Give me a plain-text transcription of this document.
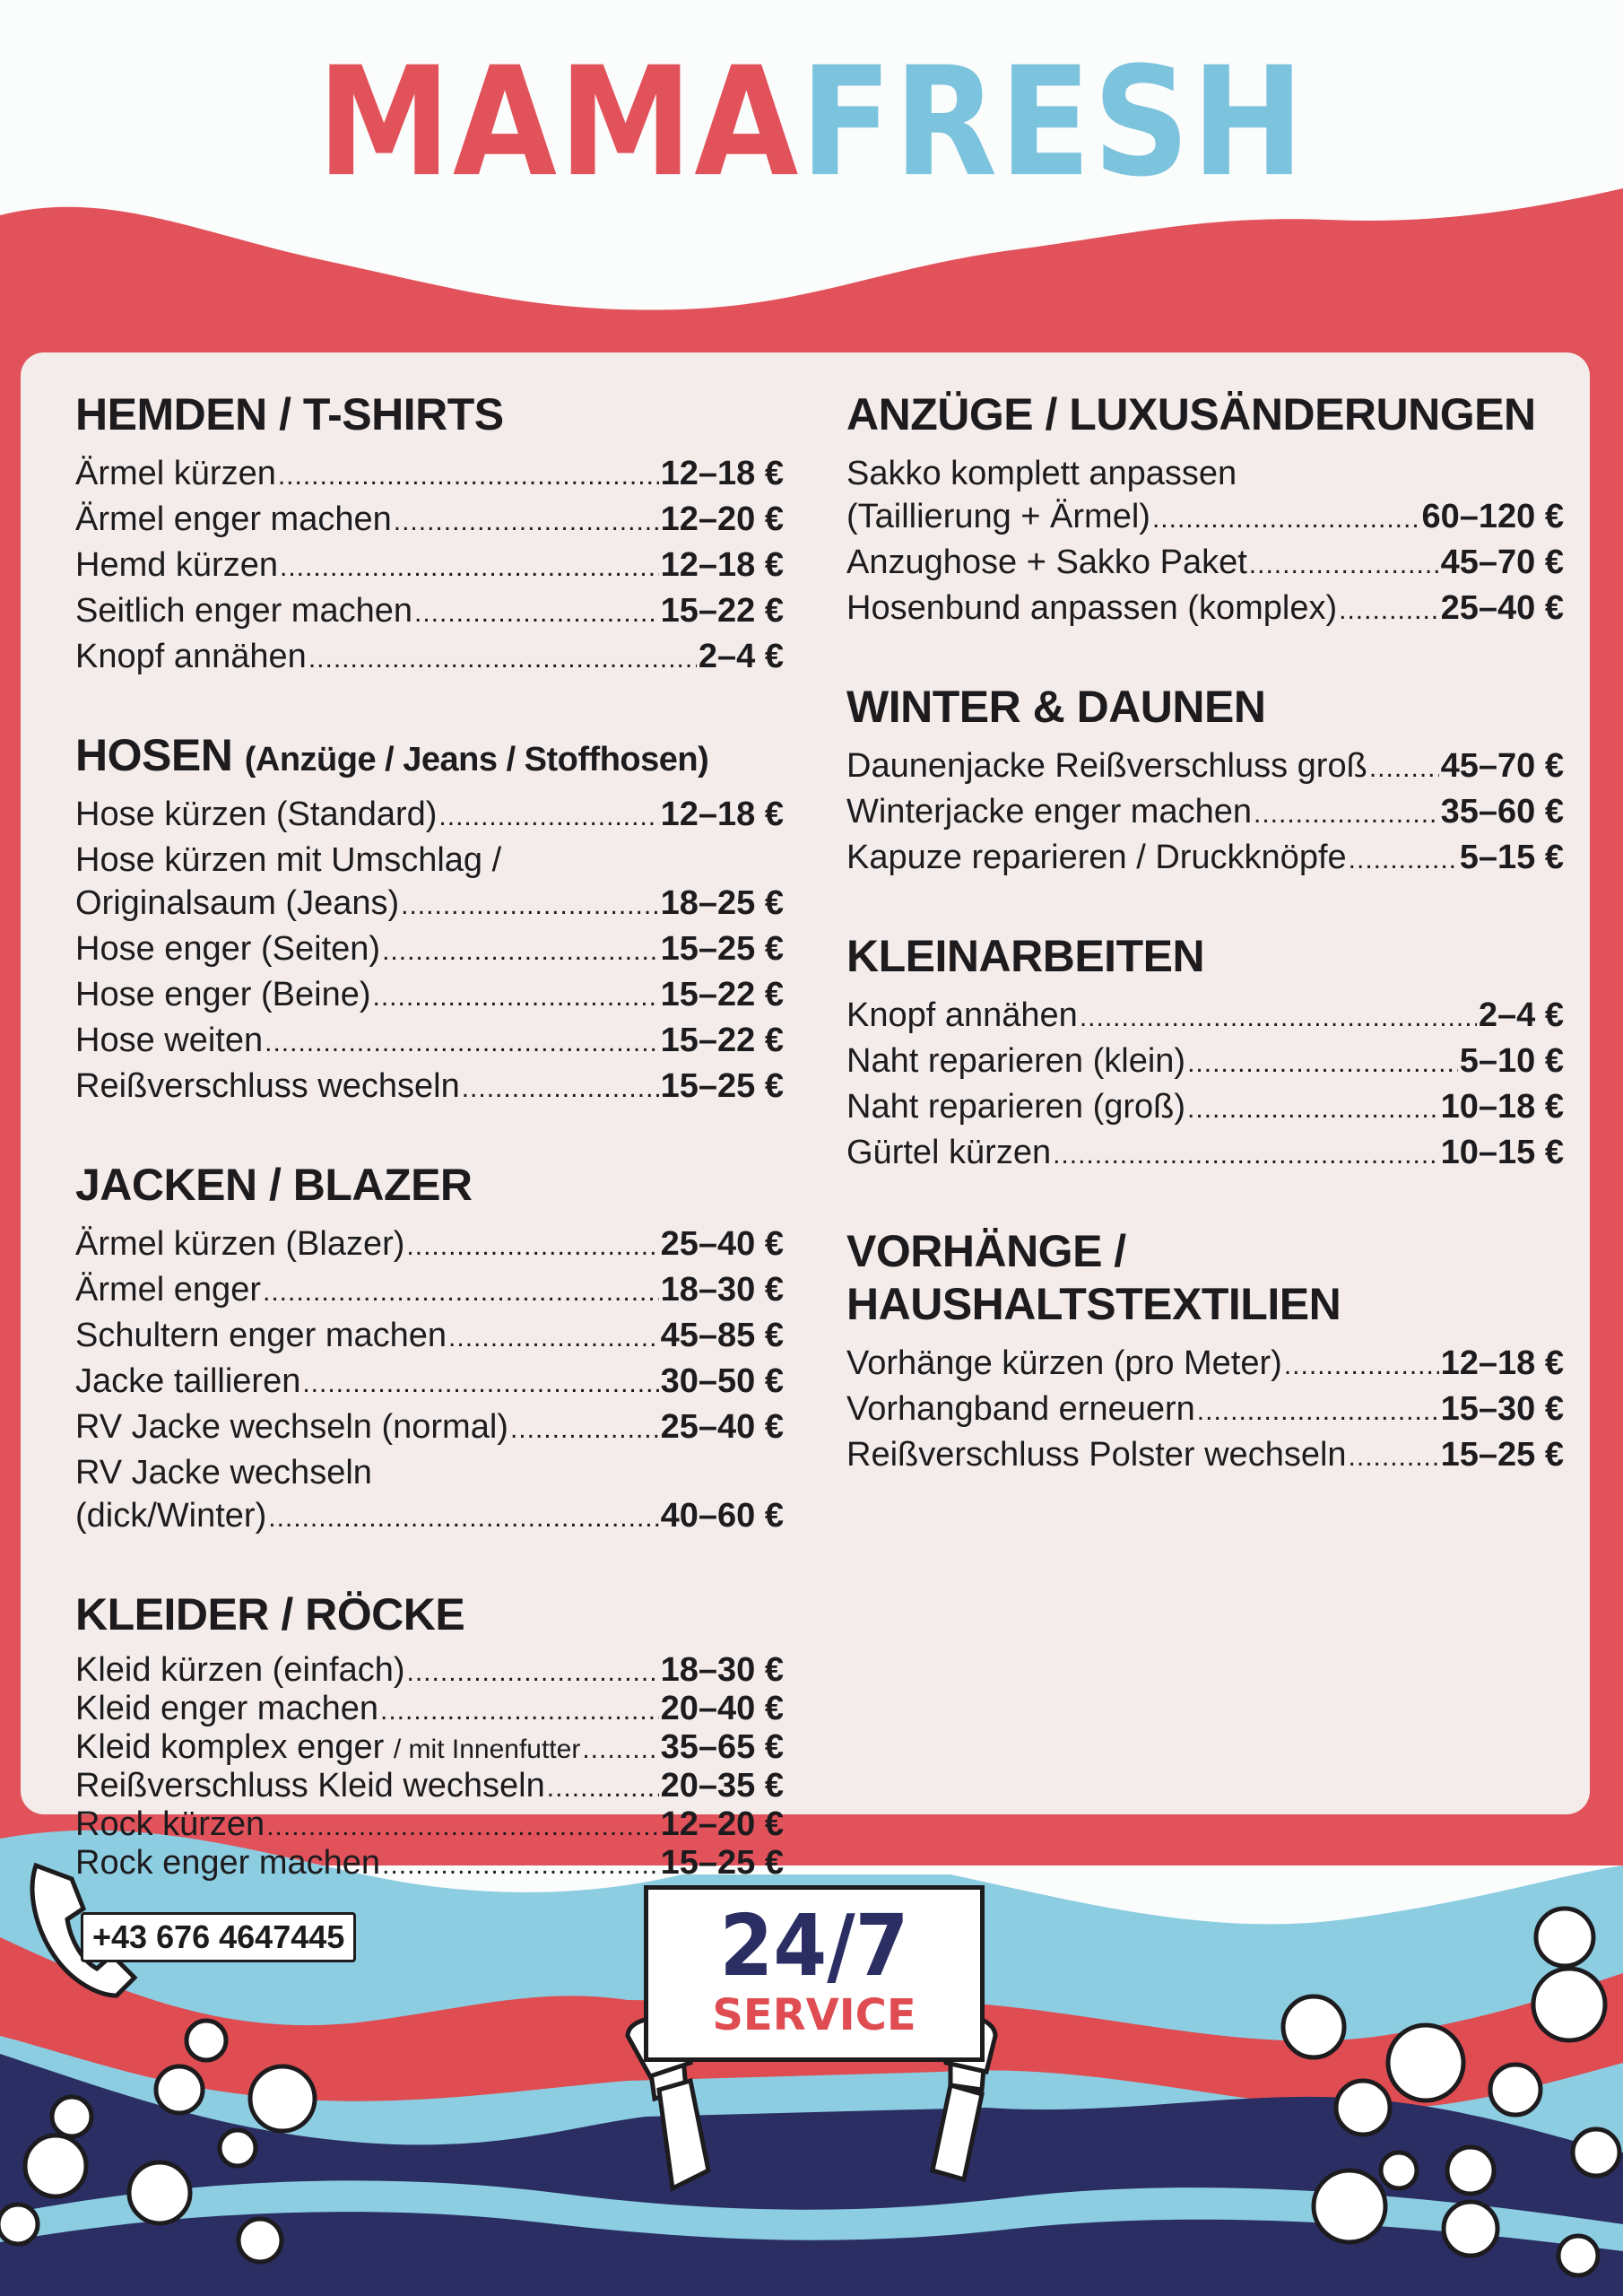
MAMAFRESH
HEMDEN / T-SHIRTS
Ärmel kürzen .....	12–18 €
Ärmel enger machen .....	12–20 €
Hemd kürzen .....	12–18 €
Seitlich enger machen .....	15–22 €
Knopf annähen .....	2–4 €
HOSEN (Anzüge / Jeans / Stoffhosen)
Hose kürzen (Standard) .....	12–18 €
Hose kürzen mit Umschlag /
Originalsaum (Jeans) .....	18–25 €
Hose enger (Seiten) .....	15–25 €
Hose enger (Beine) .....	15–22 €
Hose weiten .....	15–22 €
Reißverschluss wechseln .....	15–25 €
JACKEN / BLAZER
Ärmel kürzen (Blazer) .....	25–40 €
Ärmel enger .....	18–30 €
Schultern enger machen .....	45–85 €
Jacke taillieren .....	30–50 €
RV Jacke wechseln (normal) .....	25–40 €
RV Jacke wechseln
(dick/Winter) .....	40–60 €
KLEIDER / RÖCKE
Kleid kürzen (einfach) .....	18–30 €
Kleid enger machen .....	20–40 €
Kleid komplex enger / mit Innenfutter ..... 35–65 €
Reißverschluss Kleid wechseln .....	20–35 €
Rock kürzen .....	12–20 €
Rock enger machen .....	15–25 €
ANZÜGE / LUXUSÄNDERUNGEN
Sakko komplett anpassen
(Taillierung + Ärmel) .....	60–120 €
Anzughose + Sakko Paket .....	45–70 €
Hosenbund anpassen (komplex) .....	25–40 €
WINTER & DAUNEN
Daunenjacke Reißverschluss groß ..... 45–70 €
Winterjacke enger machen .....	35–60 €
Kapuze reparieren / Druckknöpfe .....	5–15 €
KLEINARBEITEN
Knopf annähen .....	2–4 €
Naht reparieren (klein) .....	5–10 €
Naht reparieren (groß) .....	10–18 €
Gürtel kürzen .....	10–15 €
VORHÄNGE /
HAUSHALTSTEXTILIEN
Vorhänge kürzen (pro Meter) .....	12–18 €
Vorhangband erneuern .....	15–30 €
Reißverschluss Polster wechseln .....	15–25 €
+43 676 4647445	24/7
SERVICE
